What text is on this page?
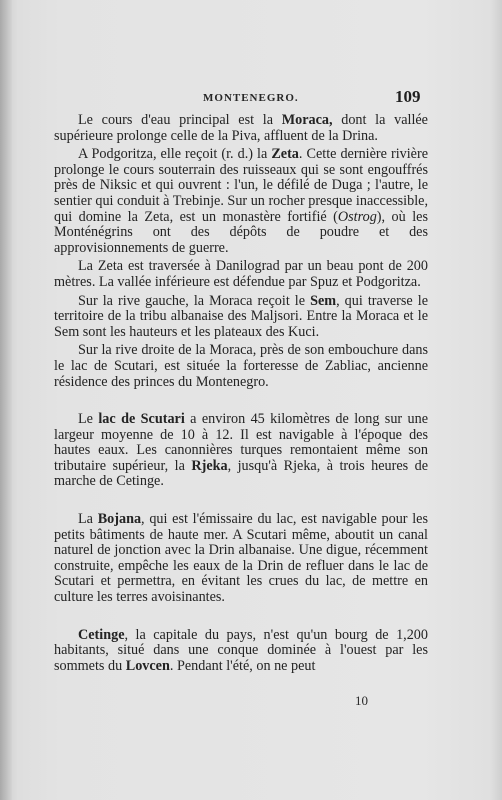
MONTENEGRO.	109

Le cours d'eau principal est la Moraca, dont la vallée supérieure prolonge celle de la Piva, affluent de la Drina.

A Podgoritza, elle reçoit (r. d.) la Zeta. Cette dernière rivière prolonge le cours souterrain des ruisseaux qui se sont engouffrés près de Niksic et qui ouvrent : l'un, le défilé de Duga ; l'autre, le sentier qui conduit à Trebinje. Sur un rocher presque inaccessible, qui domine la Zeta, est un monastère fortifié (Ostrog), où les Monténégrins ont des dépôts de poudre et des approvisionnements de guerre.

La Zeta est traversée à Danilograd par un beau pont de 200 mètres. La vallée inférieure est défendue par Spuz et Podgoritza.

Sur la rive gauche, la Moraca reçoit le Sem, qui traverse le territoire de la tribu albanaise des Maljsori. Entre la Moraca et le Sem sont les hauteurs et les plateaux des Kuci.

Sur la rive droite de la Moraca, près de son embouchure dans le lac de Scutari, est située la forteresse de Zabliac, ancienne résidence des princes du Montenegro.

Le lac de Scutari a environ 45 kilomètres de long sur une largeur moyenne de 10 à 12. Il est navigable à l'époque des hautes eaux. Les canonnières turques remontaient même son tributaire supérieur, la Rjeka, jusqu'à Rjeka, à trois heures de marche de Cetinge.

La Bojana, qui est l'émissaire du lac, est navigable pour les petits bâtiments de haute mer. A Scutari même, aboutit un canal naturel de jonction avec la Drin albanaise. Une digue, récemment construite, empêche les eaux de la Drin de refluer dans le lac de Scutari et permettra, en évitant les crues du lac, de mettre en culture les terres avoisinantes.

Cetinge, la capitale du pays, n'est qu'un bourg de 1,200 habitants, situé dans une conque dominée à l'ouest par les sommets du Lovcen. Pendant l'été, on ne peut

10
